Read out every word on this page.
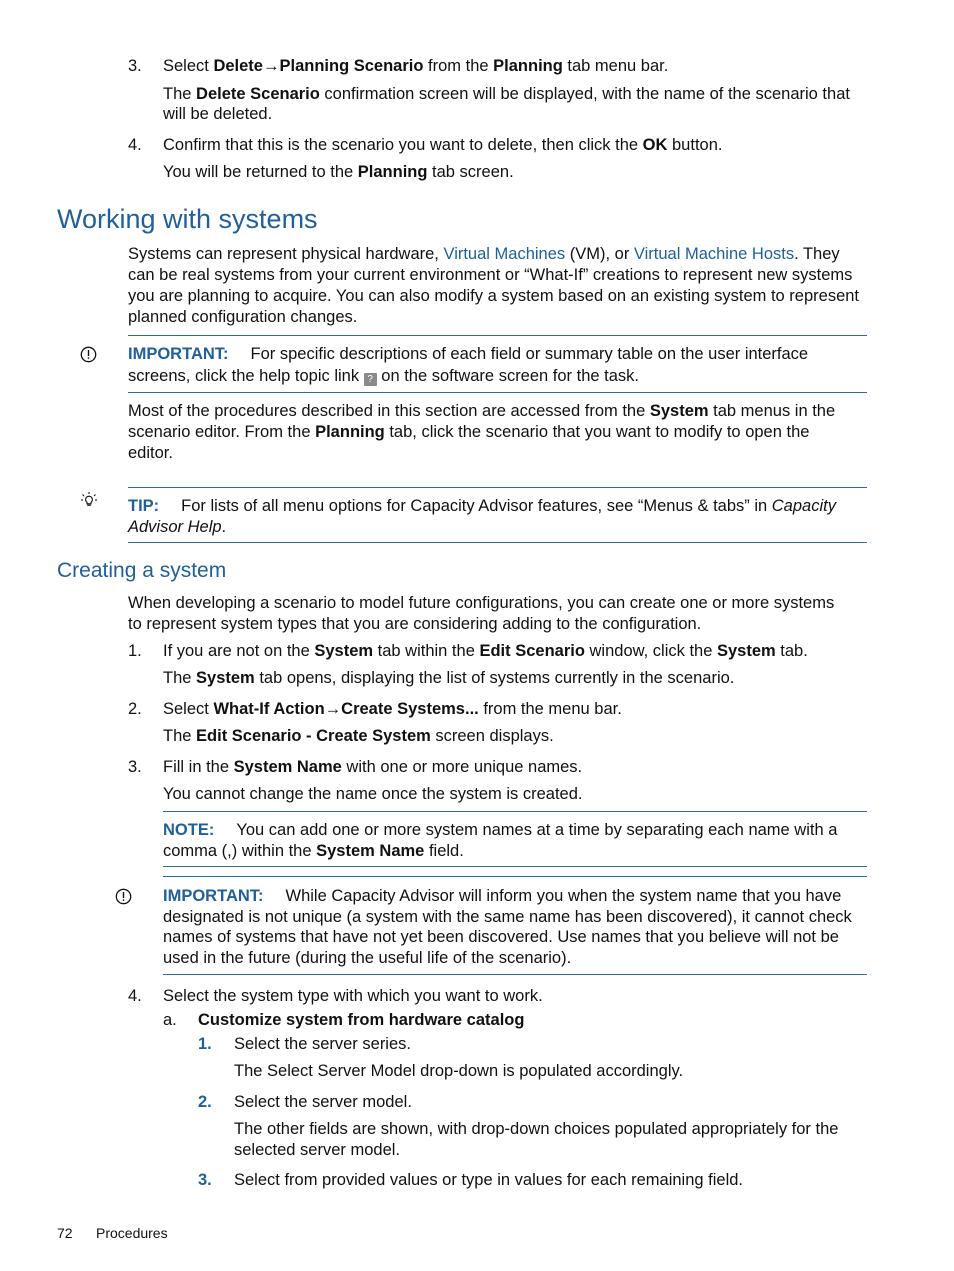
3. Select Delete→Planning Scenario from the Planning tab menu bar.
The Delete Scenario confirmation screen will be displayed, with the name of the scenario that
will be deleted.
4. Confirm that this is the scenario you want to delete, then click the OK button.
You will be returned to the Planning tab screen.
Working with systems
Systems can represent physical hardware, Virtual Machines (VM), or Virtual Machine Hosts. They
can be real systems from your current environment or “What-If” creations to represent new systems
you are planning to acquire. You can also modify a system based on an existing system to represent
planned configuration changes.
IMPORTANT: For specific descriptions of each field or summary table on the user interface
screens, click the help topic link ? on the software screen for the task.
Most of the procedures described in this section are accessed from the System tab menus in the
scenario editor. From the Planning tab, click the scenario that you want to modify to open the
editor.
TIP: For lists of all menu options for Capacity Advisor features, see “Menus & tabs” in Capacity
Advisor Help.
Creating a system
When developing a scenario to model future configurations, you can create one or more systems
to represent system types that you are considering adding to the configuration.
1. If you are not on the System tab within the Edit Scenario window, click the System tab.
The System tab opens, displaying the list of systems currently in the scenario.
2. Select What-If Action→Create Systems... from the menu bar.
The Edit Scenario - Create System screen displays.
3. Fill in the System Name with one or more unique names.
You cannot change the name once the system is created.
NOTE: You can add one or more system names at a time by separating each name with a
comma (,) within the System Name field.
IMPORTANT: While Capacity Advisor will inform you when the system name that you have
designated is not unique (a system with the same name has been discovered), it cannot check
names of systems that have not yet been discovered. Use names that you believe will not be
used in the future (during the useful life of the scenario).
4. Select the system type with which you want to work.
a. Customize system from hardware catalog
1. Select the server series.
The Select Server Model drop-down is populated accordingly.
2. Select the server model.
The other fields are shown, with drop-down choices populated appropriately for the
selected server model.
3. Select from provided values or type in values for each remaining field.
72 Procedures
